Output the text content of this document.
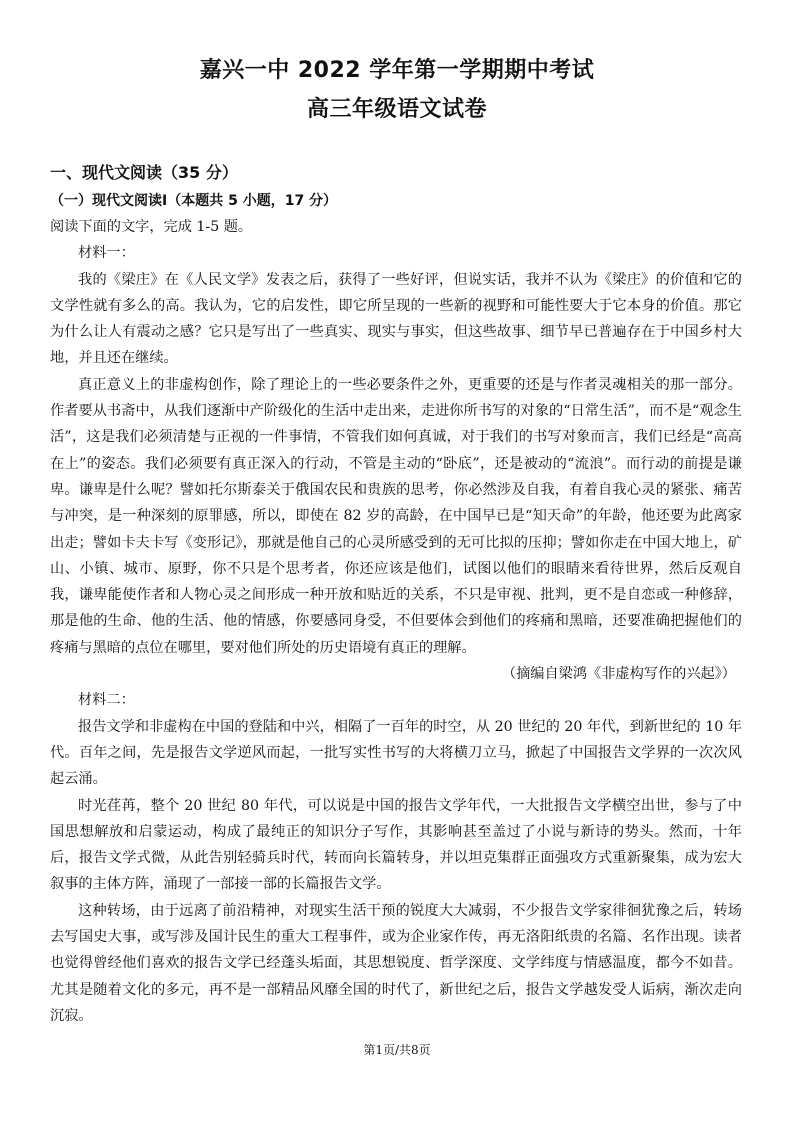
嘉兴一中 2022 学年第一学期期中考试
高三年级语文试卷
一、现代文阅读（35 分）
（一）现代文阅读Ⅰ（本题共 5 小题，17 分）
阅读下面的文字，完成 1-5 题。
材料一：
我的《梁庄》在《人民文学》发表之后，获得了一些好评，但说实话，我并不认为《梁庄》的价值和它的文学性就有多么的高。我认为，它的启发性，即它所呈现的一些新的视野和可能性要大于它本身的价值。那它为什么让人有震动之感？它只是写出了一些真实、现实与事实，但这些故事、细节早已普遍存在于中国乡村大地，并且还在继续。
真正意义上的非虚构创作，除了理论上的一些必要条件之外，更重要的还是与作者灵魂相关的那一部分。作者要从书斋中，从我们逐渐中产阶级化的生活中走出来，走进你所书写的对象的“日常生活”，而不是“观念生活”，这是我们必须清楚与正视的一件事情，不管我们如何真诚，对于我们的书写对象而言，我们已经是“高高在上”的姿态。我们必须要有真正深入的行动，不管是主动的“卧底”，还是被动的“流浪”。而行动的前提是谦卑。谦卑是什么呢？譬如托尔斯泰关于俄国农民和贵族的思考，你必然涉及自我，有着自我心灵的紧张、痛苦与冲突，是一种深刻的原罪感，所以，即使在 82 岁的高龄，在中国早已是“知天命”的年龄，他还要为此离家出走；譬如卡夫卡写《变形记》，那就是他自己的心灵所感受到的无可比拟的压抑；譬如你走在中国大地上，矿山、小镇、城市、原野，你不只是个思考者，你还应该是他们，试图以他们的眼睛来看待世界，然后反观自我，谦卑能使作者和人物心灵之间形成一种开放和贴近的关系，不只是审视、批判，更不是自恋或一种修辞，那是他的生命、他的生活、他的情感，你要感同身受，不但要体会到他们的疼痛和黑暗，还要准确把握他们的疼痛与黑暗的点位在哪里，要对他们所处的历史语境有真正的理解。
（摘编自梁鸿《非虚构写作的兴起》）
材料二：
报告文学和非虚构在中国的登陆和中兴，相隔了一百年的时空，从 20 世纪的 20 年代，到新世纪的 10 年代。百年之间，先是报告文学逆风而起，一批写实性书写的大将横刀立马，掀起了中国报告文学界的一次次风起云涌。
时光荏苒，整个 20 世纪 80 年代，可以说是中国的报告文学年代，一大批报告文学横空出世，参与了中国思想解放和启蒙运动，构成了最纯正的知识分子写作，其影响甚至盖过了小说与新诗的势头。然而，十年后，报告文学式微，从此告别轻骑兵时代，转而向长篇转身，并以坦克集群正面强攻方式重新聚集，成为宏大叙事的主体方阵，涌现了一部接一部的长篇报告文学。
这种转场，由于远离了前沿精神，对现实生活干预的锐度大大减弱，不少报告文学家徘徊犹豫之后，转场去写国史大事，或写涉及国计民生的重大工程事件，或为企业家作传，再无洛阳纸贵的名篇、名作出现。读者也觉得曾经他们喜欢的报告文学已经蓬头垢面，其思想锐度、哲学深度、文学纬度与情感温度，都今不如昔。尤其是随着文化的多元，再不是一部精品风靡全国的时代了，新世纪之后，报告文学越发受人诟病，渐次走向沉寂。
第1页/共8页
